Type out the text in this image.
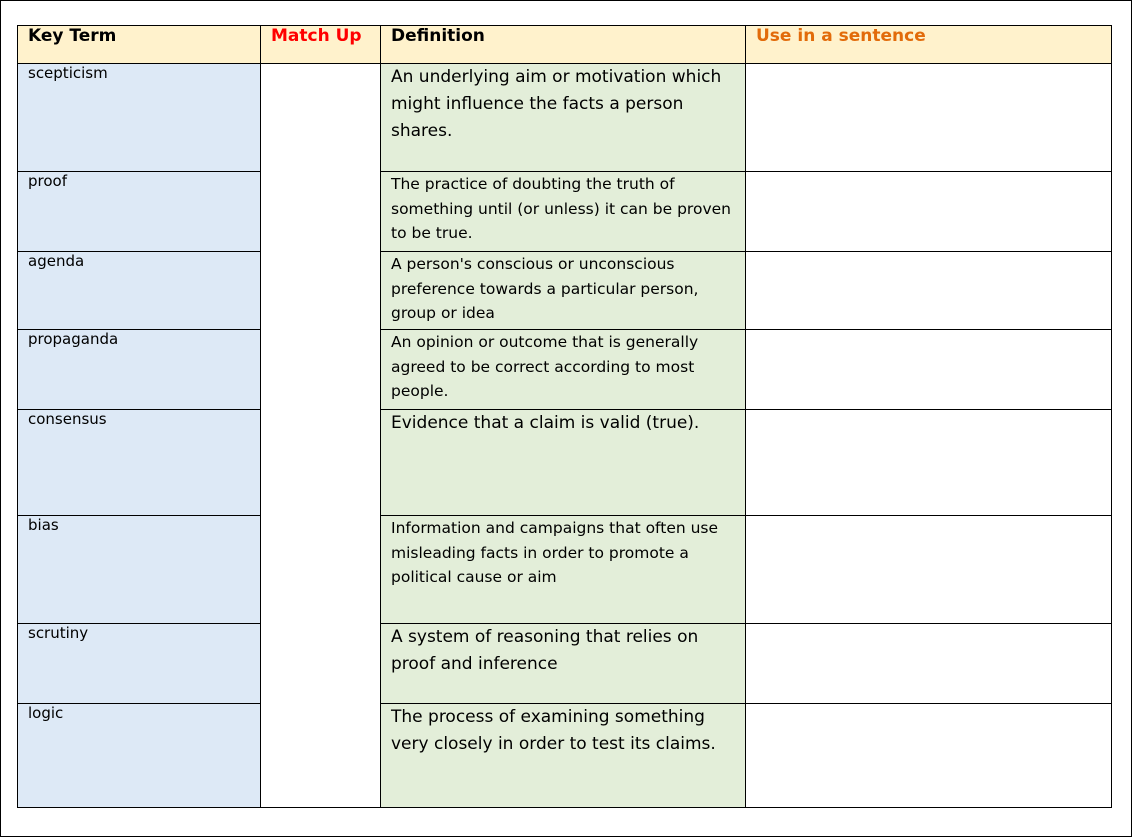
Key Term	Match Up	Definition	Use in a sentence
scepticism		An underlying aim or motivation which might influence the facts a person shares.	
proof		The practice of doubting the truth of something until (or unless) it can be proven to be true.	
agenda		A person's conscious or unconscious preference towards a particular person, group or idea	
propaganda		An opinion or outcome that is generally agreed to be correct according to most people.	
consensus		Evidence that a claim is valid (true).	
bias		Information and campaigns that often use misleading facts in order to promote a political cause or aim	
scrutiny		A system of reasoning that relies on proof and inference	
logic		The process of examining something very closely in order to test its claims.	
